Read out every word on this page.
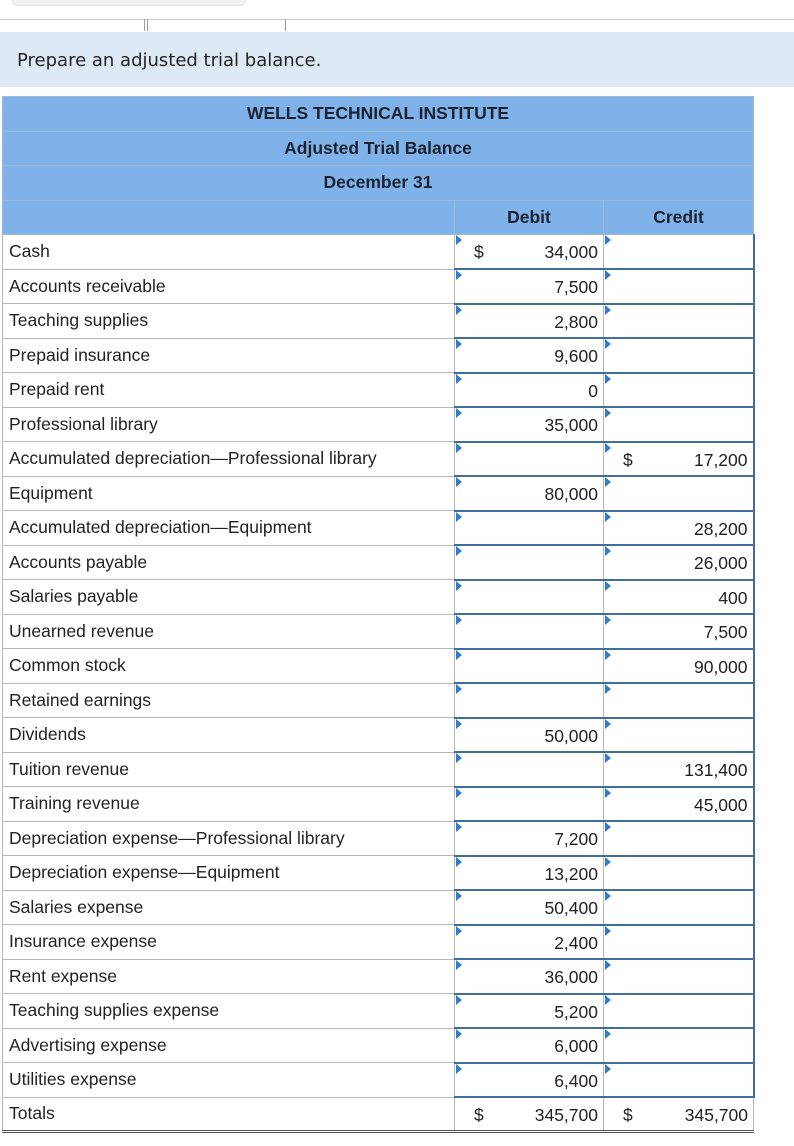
Prepare an adjusted trial balance.
WELLS TECHNICAL INSTITUTE		
Adjusted Trial Balance		
December 31		
	Debit	Credit
Cash	$ 34,000	

Accounts receivable	7,500	

Teaching supplies	2,800	

Prepaid insurance	9,600	

Prepaid rent	0	

Professional library	35,000	

Accumulated depreciation—Professional library		$ 17,200

Equipment	80,000	

Accumulated depreciation—Equipment		28,200

Accounts payable		26,000

Salaries payable		400

Unearned revenue		7,500

Common stock		90,000

Retained earnings	

Dividends	50,000	

Tuition revenue		131,400

Training revenue		45,000

Depreciation expense—Professional library	7,200	

Depreciation expense—Equipment	13,200	

Salaries expense	50,400	

Insurance expense	2,400	

Rent expense	36,000	

Teaching supplies expense	5,200	

Advertising expense	6,000	

Utilities expense	6,400	

Totals	$ 345,700	$ 345,700
